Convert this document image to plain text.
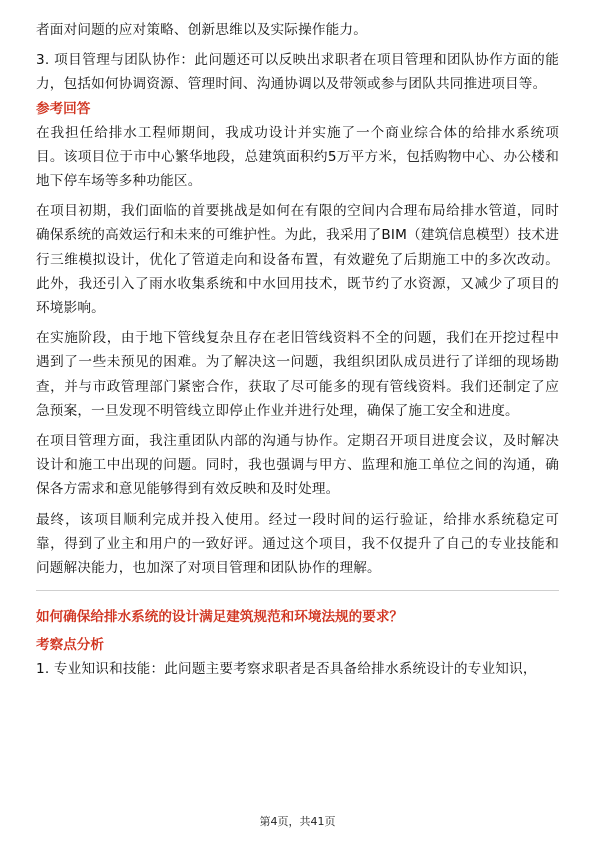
者面对问题的应对策略、创新思维以及实际操作能力。

3. 项目管理与团队协作：此问题还可以反映出求职者在项目管理和团队协作方面的能力，包括如何协调资源、管理时间、沟通协调以及带领或参与团队共同推进项目等。

参考回答

在我担任给排水工程师期间，我成功设计并实施了一个商业综合体的给排水系统项目。该项目位于市中心繁华地段，总建筑面积约5万平方米，包括购物中心、办公楼和地下停车场等多种功能区。

在项目初期，我们面临的首要挑战是如何在有限的空间内合理布局给排水管道，同时确保系统的高效运行和未来的可维护性。为此，我采用了BIM（建筑信息模型）技术进行三维模拟设计，优化了管道走向和设备布置，有效避免了后期施工中的多次改动。此外，我还引入了雨水收集系统和中水回用技术，既节约了水资源，又减少了项目的环境影响。

在实施阶段，由于地下管线复杂且存在老旧管线资料不全的问题，我们在开挖过程中遇到了一些未预见的困难。为了解决这一问题，我组织团队成员进行了详细的现场勘查，并与市政管理部门紧密合作，获取了尽可能多的现有管线资料。我们还制定了应急预案，一旦发现不明管线立即停止作业并进行处理，确保了施工安全和进度。

在项目管理方面，我注重团队内部的沟通与协作。定期召开项目进度会议，及时解决设计和施工中出现的问题。同时，我也强调与甲方、监理和施工单位之间的沟通，确保各方需求和意见能够得到有效反映和及时处理。

最终，该项目顺利完成并投入使用。经过一段时间的运行验证，给排水系统稳定可靠，得到了业主和用户的一致好评。通过这个项目，我不仅提升了自己的专业技能和问题解决能力，也加深了对项目管理和团队协作的理解。

如何确保给排水系统的设计满足建筑规范和环境法规的要求？
考察点分析

1. 专业知识和技能：此问题主要考察求职者是否具备给排水系统设计的专业知识，

第4页，共41页
